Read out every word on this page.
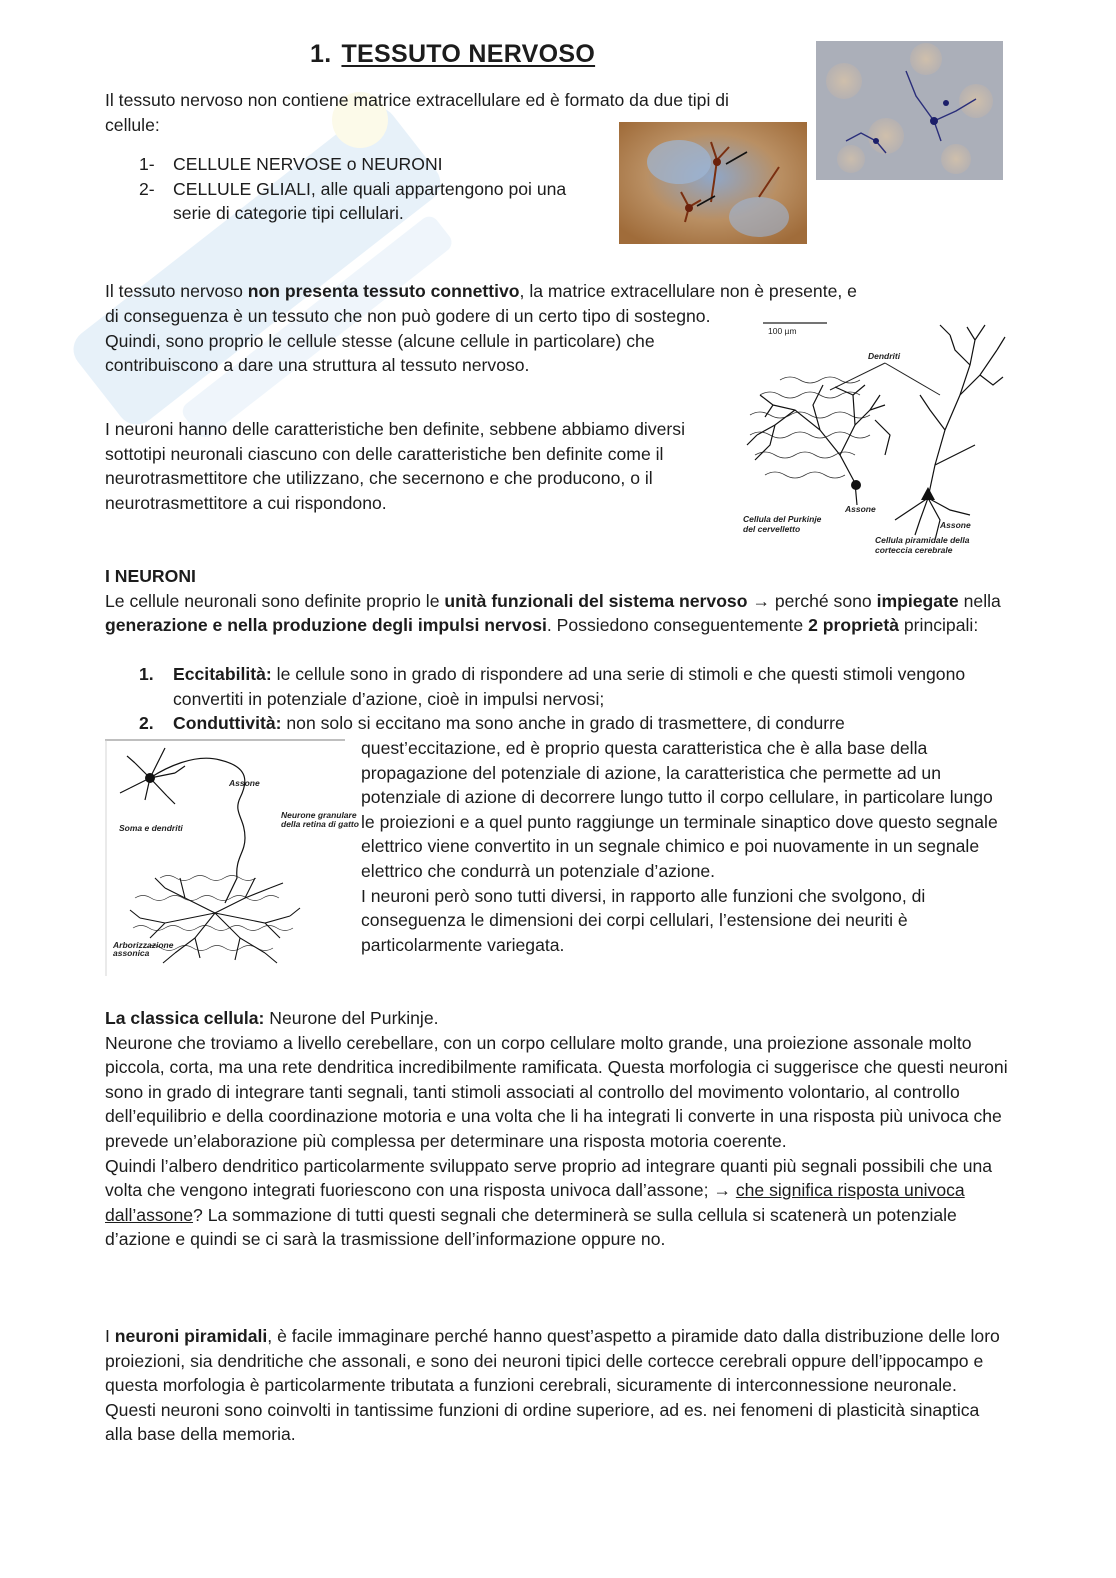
1. TESSUTO NERVOSO

Il tessuto nervoso non contiene matrice extracellulare ed è formato da due tipi di cellule:

1- CELLULE NERVOSE o NEURONI
2- CELLULE GLIALI, alle quali appartengono poi una serie di categorie tipi cellulari.
Il tessuto nervoso non presenta tessuto connettivo, la matrice extracellulare non è presente, e

di conseguenza è un tessuto che non può godere di un certo tipo di sostegno. Quindi, sono proprio le cellule stesse (alcune cellule in particolare) che contribuiscono a dare una struttura al tessuto nervoso.

I neuroni hanno delle caratteristiche ben definite, sebbene abbiamo diversi sottotipi neuronali ciascuno con delle caratteristiche ben definite come il neurotrasmettitore che utilizzano, che secernono e che producono, o il neurotrasmettitore a cui rispondono.

100 µm
Dendriti
Assone
Cellula del Purkinje
del cervelletto	Assone
Cellula piramidale della
corteccia cerebrale

I NEURONI

Le cellule neuronali sono definite proprio le unità funzionali del sistema nervoso → perché sono impiegate nella generazione e nella produzione degli impulsi nervosi. Possiedono conseguentemente 2 proprietà principali:

1. Eccitabilità: le cellule sono in grado di rispondere ad una serie di stimoli e che questi stimoli vengono convertiti in potenziale d’azione, cioè in impulsi nervosi;
2. Conduttività: non solo si eccitano ma sono anche in grado di trasmettere, di condurre
Assone
Soma e dendriti
Neurone granulare
della retina di gatto
Arborizzazione
assonica

quest’eccitazione, ed è proprio questa caratteristica che è alla base della propagazione del potenziale di azione, la caratteristica che permette ad un potenziale di azione di decorrere lungo tutto il corpo cellulare, in particolare lungo le proiezioni e a quel punto raggiunge un terminale sinaptico dove questo segnale elettrico viene convertito in un segnale chimico e poi nuovamente in un segnale elettrico che condurrà un potenziale d’azione.

I neuroni però sono tutti diversi, in rapporto alle funzioni che svolgono, di conseguenza le dimensioni dei corpi cellulari, l’estensione dei neuriti è particolarmente variegata.

La classica cellula: Neurone del Purkinje.

Neurone che troviamo a livello cerebellare, con un corpo cellulare molto grande, una proiezione assonale molto piccola, corta, ma una rete dendritica incredibilmente ramificata. Questa morfologia ci suggerisce che questi neuroni sono in grado di integrare tanti segnali, tanti stimoli associati al controllo del movimento volontario, al controllo dell’equilibrio e della coordinazione motoria e una volta che li ha integrati li converte in una risposta più univoca che prevede un’elaborazione più complessa per determinare una risposta motoria coerente.

Quindi l’albero dendritico particolarmente sviluppato serve proprio ad integrare quanti più segnali possibili che una volta che vengono integrati fuoriescono con una risposta univoca dall’assone; → che significa risposta univoca dall’assone? La sommazione di tutti questi segnali che determinerà se sulla cellula si scatenerà un potenziale d’azione e quindi se ci sarà la trasmissione dell’informazione oppure no.

I neuroni piramidali, è facile immaginare perché hanno quest’aspetto a piramide dato dalla distribuzione delle loro proiezioni, sia dendritiche che assonali, e sono dei neuroni tipici delle cortecce cerebrali oppure dell’ippocampo e questa morfologia è particolarmente tributata a funzioni cerebrali, sicuramente di interconnessione neuronale. Questi neuroni sono coinvolti in tantissime funzioni di ordine superiore, ad es. nei fenomeni di plasticità sinaptica alla base della memoria.
